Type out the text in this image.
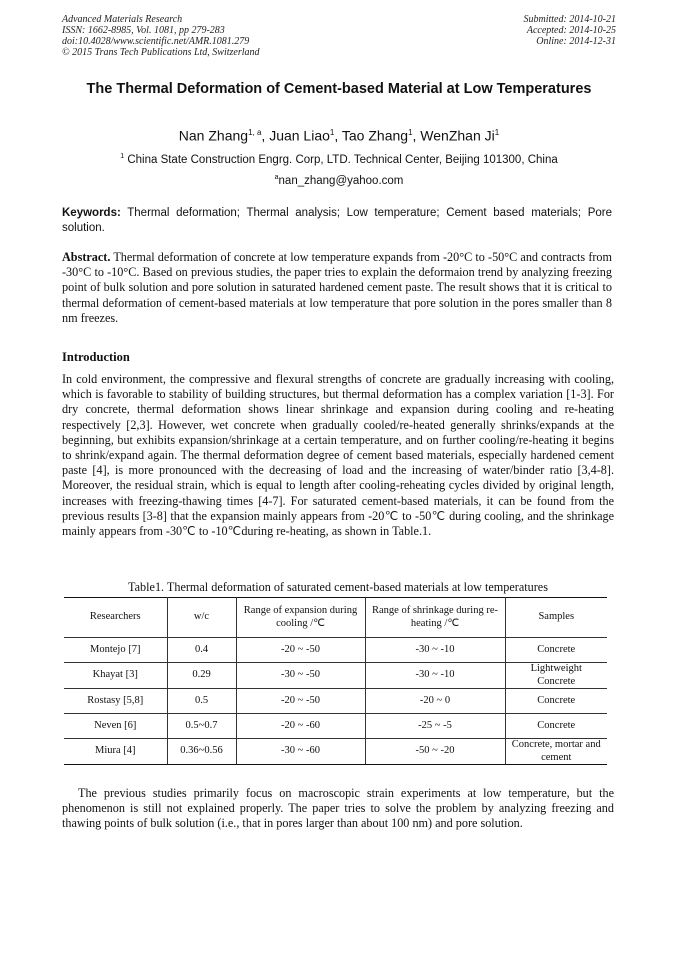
Advanced Materials Research
ISSN: 1662-8985, Vol. 1081, pp 279-283
doi:10.4028/www.scientific.net/AMR.1081.279
© 2015 Trans Tech Publications Ltd, Switzerland
Submitted: 2014-10-21
Accepted: 2014-10-25
Online: 2014-12-31
The Thermal Deformation of Cement-based Material at Low Temperatures
Nan Zhang$^{1, a}$, Juan Liao$^1$, Tao Zhang$^1$, WenZhan Ji$^1$
$^1$ China State Construction Engrg. Corp, LTD. Technical Center, Beijing 101300, China
$^a$nan_zhang@yahoo.com
Keywords: Thermal deformation; Thermal analysis; Low temperature; Cement based materials; Pore solution.
Abstract. Thermal deformation of concrete at low temperature expands from -20°C to -50°C and contracts from -30°C to -10°C. Based on previous studies, the paper tries to explain the deformaion trend by analyzing freezing point of bulk solution and pore solution in saturated hardened cement paste. The result shows that it is critical to thermal deformation of cement-based materials at low temperature that pore solution in the pores smaller than 8 nm freezes.
Introduction
In cold environment, the compressive and flexural strengths of concrete are gradually increasing with cooling, which is favorable to stability of building structures, but thermal deformation has a complex variation [1-3]. For dry concrete, thermal deformation shows linear shrinkage and expansion during cooling and re-heating respectively [2,3]. However, wet concrete when gradually cooled/re-heated generally shrinks/expands at the beginning, but exhibits expansion/shrinkage at a certain temperature, and on further cooling/re-heating it begins to shrink/expand again. The thermal deformation degree of cement based materials, especially hardened cement paste [4], is more pronounced with the decreasing of load and the increasing of water/binder ratio [3,4-8]. Moreover, the residual strain, which is equal to length after cooling-reheating cycles divided by original length, increases with freezing-thawing times [4-7]. For saturated cement-based materials, it can be found from the previous results [3-8] that the expansion mainly appears from -20℃ to -50℃ during cooling, and the shrinkage mainly appears from -30℃ to -10℃during re-heating, as shown in Table.1.
Table1. Thermal deformation of saturated cement-based materials at low temperatures
Researchers	w/c	Range of expansion during cooling /℃	Range of shrinkage during re-heating /℃	Samples
Montejo [7]	0.4	-20 ~ -50	-30 ~ -10	Concrete
Khayat [3]	0.29	-30 ~ -50	-30 ~ -10	Lightweight Concrete
Rostasy [5,8]	0.5	-20 ~ -50	-20 ~ 0	Concrete
Neven [6]	0.5~0.7	-20 ~ -60	-25 ~ -5	Concrete
Miura [4]	0.36~0.56	-30 ~ -60	-50 ~ -20	Concrete, mortar and cement
The previous studies primarily focus on macroscopic strain experiments at low temperature, but the phenomenon is still not explained properly. The paper tries to solve the problem by analyzing freezing and thawing points of bulk solution (i.e., that in pores larger than about 100 nm) and pore solution.
